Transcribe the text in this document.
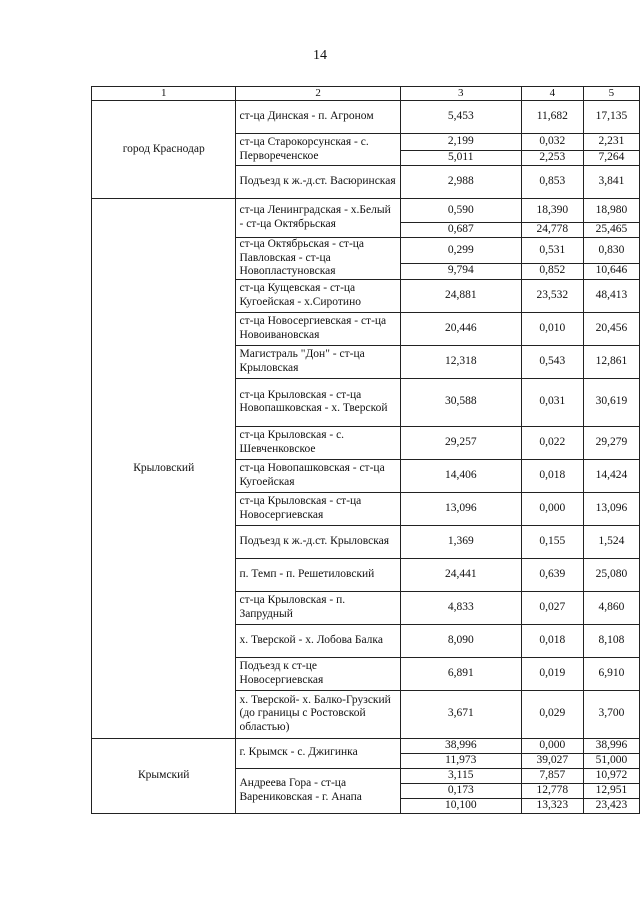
14
1	2	3	4	5
город Краснодар	ст-ца Динская - п. Агроном	5,453	11,682	17,135
	ст-ца Старокорсунская - с. Первореченское	2,199	0,032	2,231
		5,011	2,253	7,264
	Подъезд к ж.-д.ст. Васюринская	2,988	0,853	3,841
Крыловский	ст-ца Ленинградская - х.Белый - ст-ца Октябрьская	0,590	18,390	18,980
		0,687	24,778	25,465
	ст-ца Октябрьская - ст-ца Павловская - ст-ца Новопластуновская	0,299	0,531	0,830
		9,794	0,852	10,646
	ст-ца Кущевская - ст-ца Кугоейская - х.Сиротино	24,881	23,532	48,413
	ст-ца Новосергиевская - ст-ца Новоивановская	20,446	0,010	20,456
	Магистраль "Дон" - ст-ца Крыловская	12,318	0,543	12,861
	ст-ца Крыловская - ст-ца Новопашковская - х. Тверской	30,588	0,031	30,619
	ст-ца Крыловская - с. Шевченковское	29,257	0,022	29,279
	ст-ца Новопашковская - ст-ца Кугоейская	14,406	0,018	14,424
	ст-ца Крыловская - ст-ца Новосергиевская	13,096	0,000	13,096
	Подъезд к ж.-д.ст. Крыловская	1,369	0,155	1,524
	п. Темп - п. Решетиловский	24,441	0,639	25,080
	ст-ца Крыловская - п. Запрудный	4,833	0,027	4,860
	х. Тверской - х. Лобова Балка	8,090	0,018	8,108
	Подъезд к ст-це Новосергиевская	6,891	0,019	6,910
	х. Тверской- х. Балко-Грузский (до границы с Ростовской областью)	3,671	0,029	3,700
Крымский	г. Крымск - с. Джигинка	38,996	0,000	38,996
		11,973	39,027	51,000
	Андреева Гора - ст-ца Варениковская - г. Анапа	3,115	7,857	10,972
		0,173	12,778	12,951
		10,100	13,323	23,423
